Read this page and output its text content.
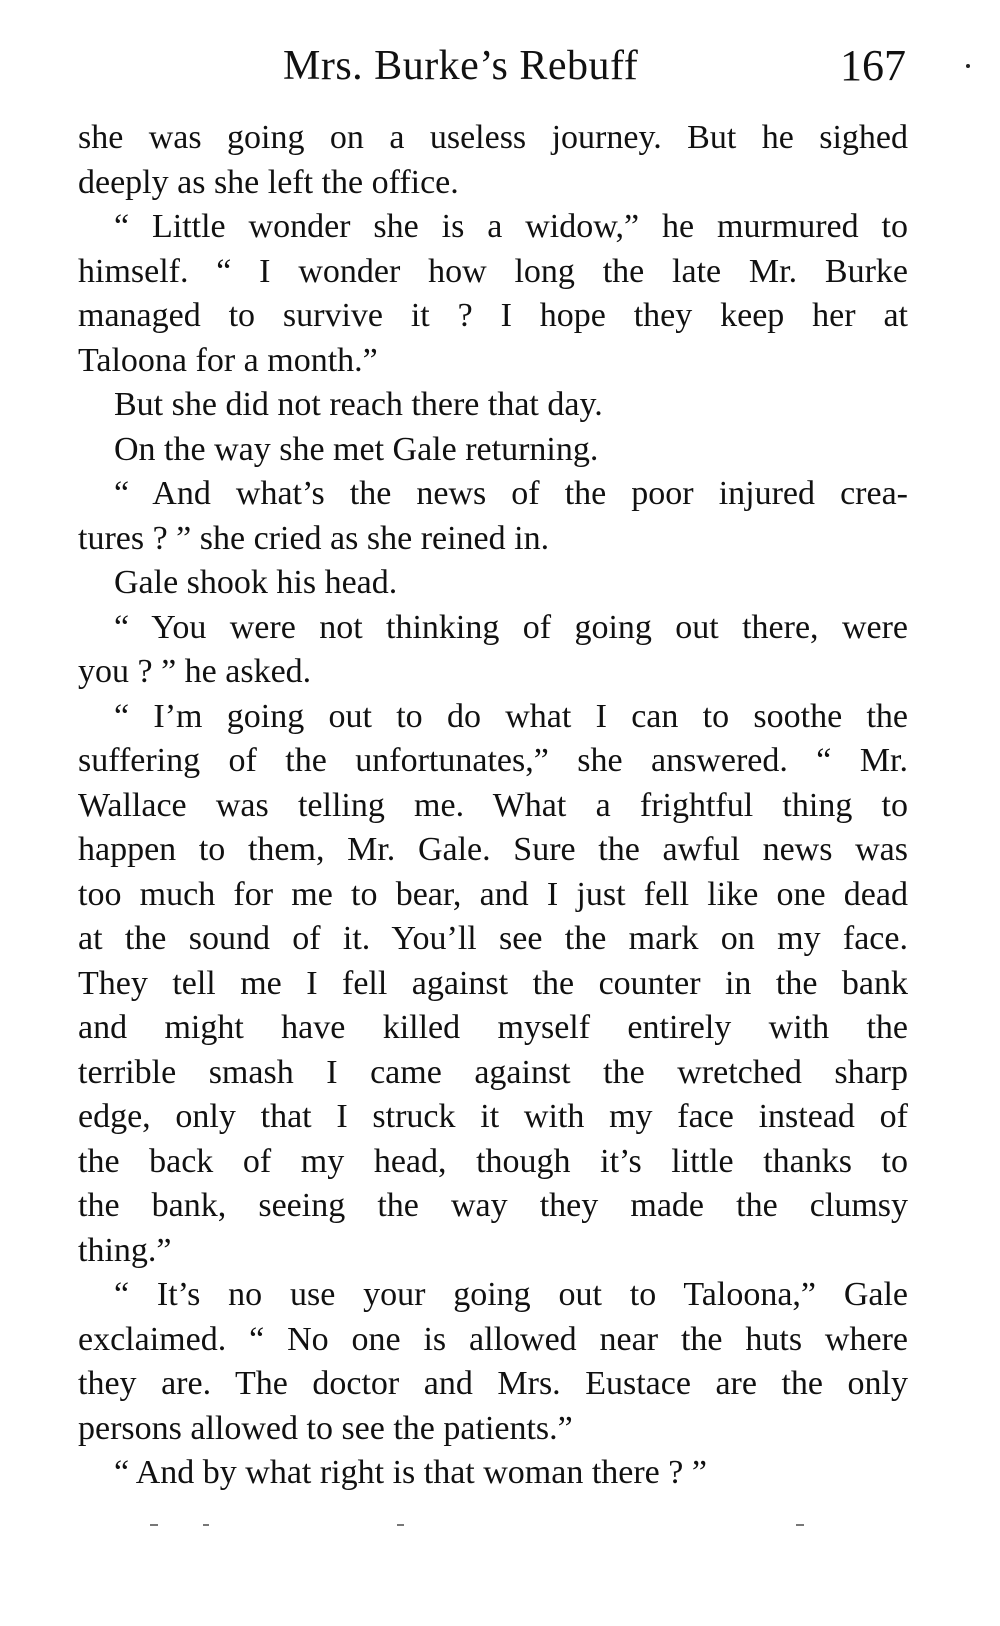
Mrs. Burke’s Rebuff	167
she was going on a useless journey. But he sighed
deeply as she left the office.
“ Little wonder she is a widow,” he murmured to
himself. “ I wonder how long the late Mr. Burke
managed to survive it ? I hope they keep her at
Taloona for a month.”
But she did not reach there that day.
On the way she met Gale returning.
“ And what’s the news of the poor injured crea-
tures ? ” she cried as she reined in.
Gale shook his head.
“ You were not thinking of going out there, were
you ? ” he asked.
“ I’m going out to do what I can to soothe the
suffering of the unfortunates,” she answered. “ Mr.
Wallace was telling me. What a frightful thing to
happen to them, Mr. Gale. Sure the awful news was
too much for me to bear, and I just fell like one dead
at the sound of it. You’ll see the mark on my face.
They tell me I fell against the counter in the bank
and might have killed myself entirely with the
terrible smash I came against the wretched sharp
edge, only that I struck it with my face instead of
the back of my head, though it’s little thanks to
the bank, seeing the way they made the clumsy
thing.”
“ It’s no use your going out to Taloona,” Gale
exclaimed. “ No one is allowed near the huts where
they are. The doctor and Mrs. Eustace are the only
persons allowed to see the patients.”
“ And by what right is that woman there ? ”
